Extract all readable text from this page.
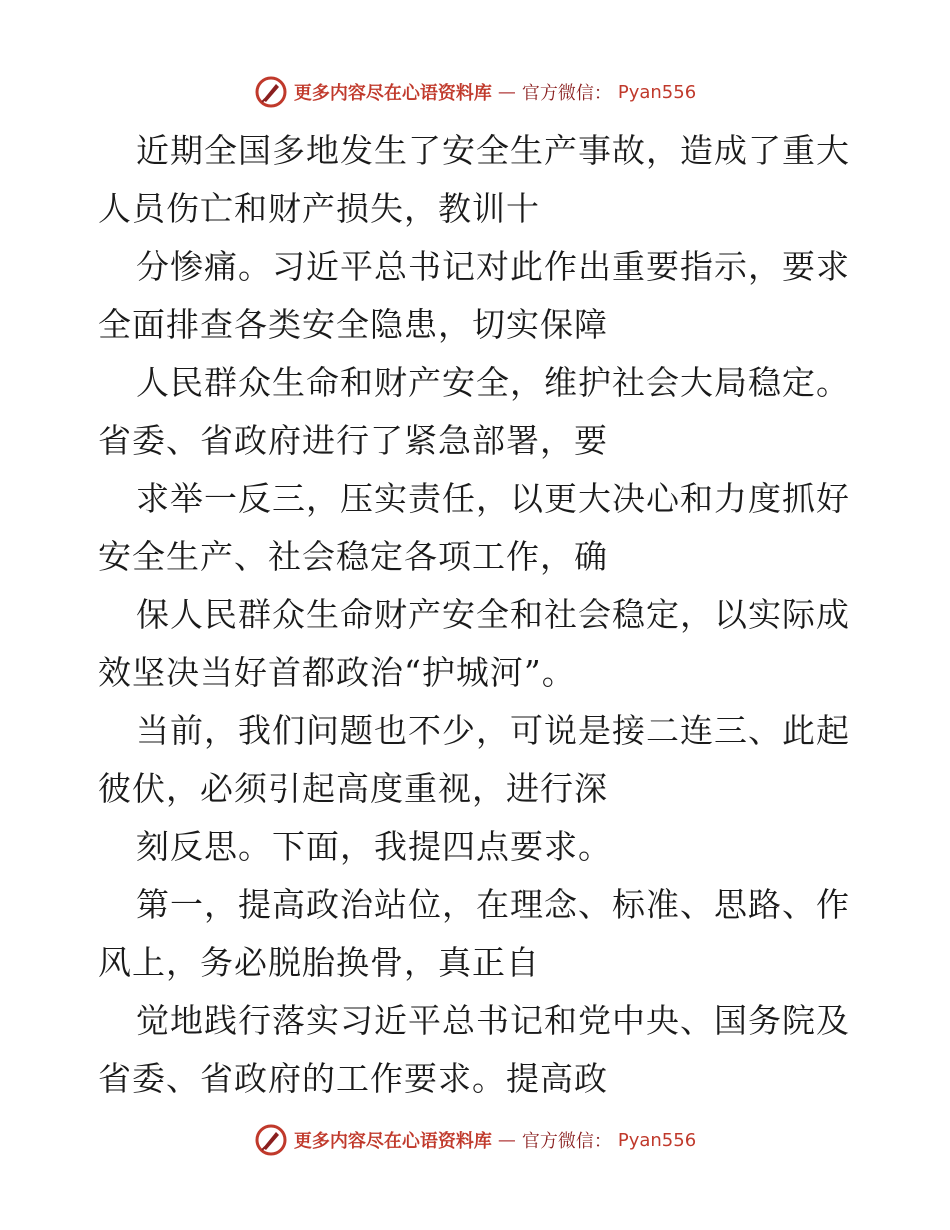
更多内容尽在心语资料库 — 官方微信： Pyan556
近期全国多地发生了安全生产事故，造成了重大
人员伤亡和财产损失，教训十
分惨痛。习近平总书记对此作出重要指示，要求
全面排查各类安全隐患，切实保障
人民群众生命和财产安全，维护社会大局稳定。
省委、省政府进行了紧急部署，要
求举一反三，压实责任，以更大决心和力度抓好
安全生产、社会稳定各项工作，确
保人民群众生命财产安全和社会稳定，以实际成
效坚决当好首都政治“护城河”。
当前，我们问题也不少，可说是接二连三、此起
彼伏，必须引起高度重视，进行深
刻反思。下面，我提四点要求。
第一，提高政治站位，在理念、标准、思路、作
风上，务必脱胎换骨，真正自
觉地践行落实习近平总书记和党中央、国务院及
省委、省政府的工作要求。提高政
更多内容尽在心语资料库 — 官方微信： Pyan556
